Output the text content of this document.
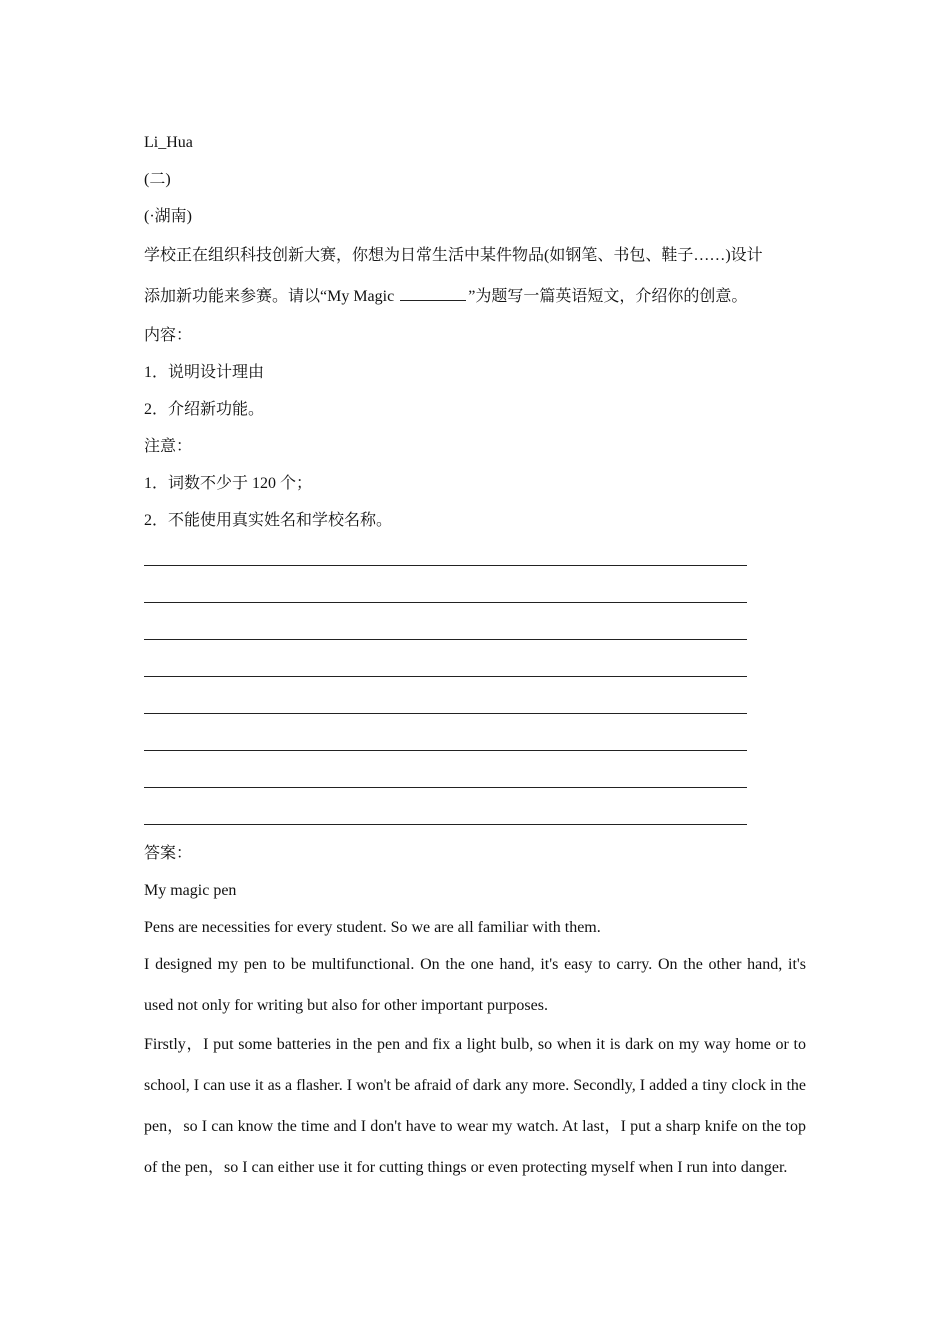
Li_Hua
(二)
(·湖南)
学校正在组织科技创新大赛，你想为日常生活中某件物品(如钢笔、书包、鞋子……)设计
添加新功能来参赛。请以“My Magic	”为题写一篇英语短文，介绍你的创意。
内容：
1．说明设计理由
2．介绍新功能。
注意：
1．词数不少于 120 个；
2．不能使用真实姓名和学校名称。
答案：
My magic pen
Pens are necessities for every student. So we are all familiar with them.
I designed my pen to be multifunctional. On the one hand, it's easy to carry. On the other hand, it's used not only for writing but also for other important purposes.
Firstly，I put some batteries in the pen and fix a light bulb, so when it is dark on my way home or to school, I can use it as a flasher. I won't be afraid of dark any more. Secondly, I added a tiny clock in the pen，so I can know the time and I don't have to wear my watch. At last，I put a sharp knife on the top of the pen，so I can either use it for cutting things or even protecting myself when I run into danger.
